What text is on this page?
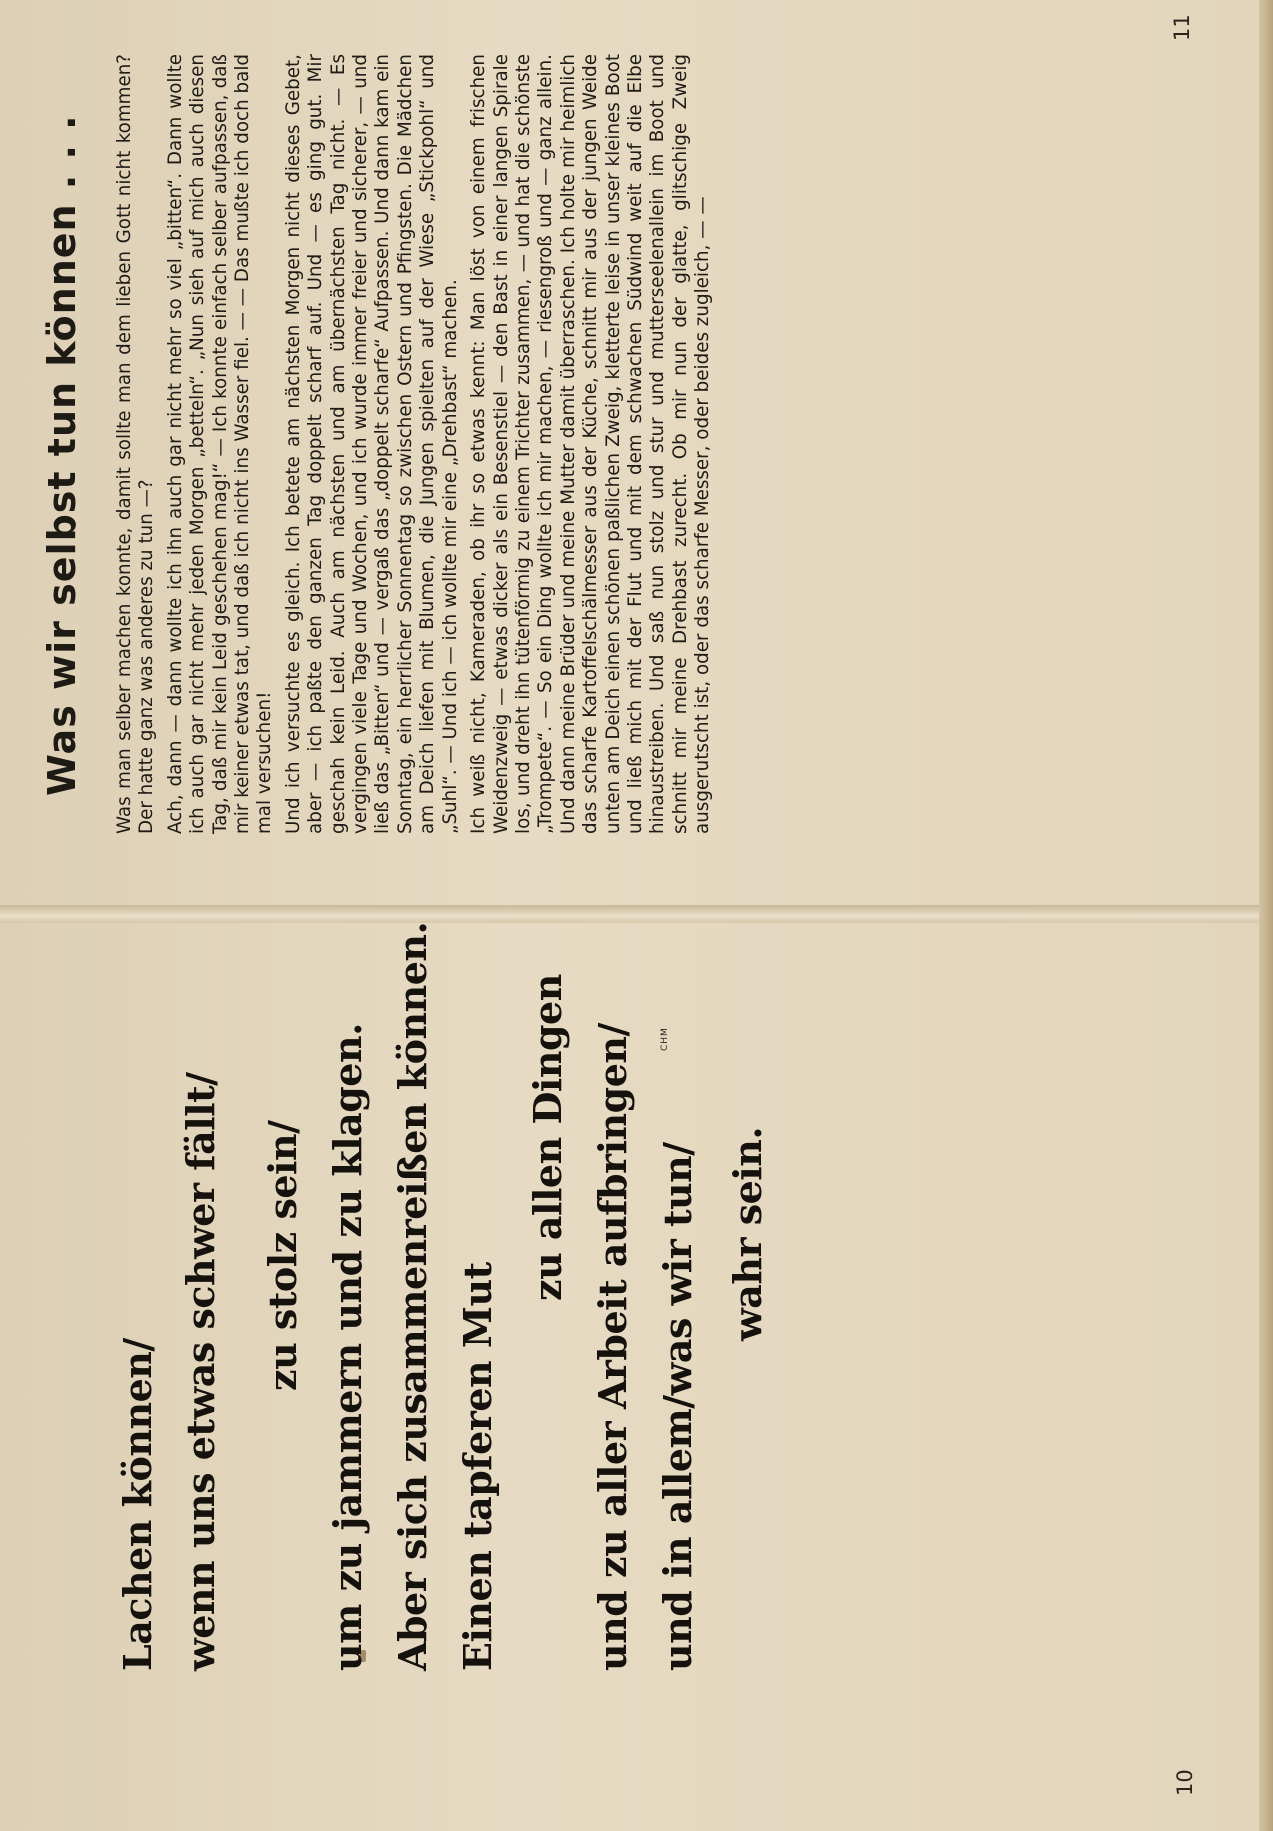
Was wir selbst tun können . . . Was man selber machen konnte, damit sollte man dem lieben Gott nicht kommen? Der hatte ganz was anderes zu tun —? Ach, dann — dann wollte ich ihn auch gar nicht mehr so viel „bitten“. Dann wollte ich auch gar nicht mehr jeden Morgen „betteln“. „Nun sieh auf mich auch diesen Tag, daß mir kein Leid geschehen mag!“ — Ich konnte einfach selber aufpassen, daß mir keiner etwas tat, und daß ich nicht ins Wasser fiel. — — Das mußte ich doch bald mal versuchen! Und ich versuchte es gleich. Ich betete am nächsten Morgen nicht dieses Gebet, aber — ich paßte den ganzen Tag doppelt scharf auf. Und — es ging gut. Mir geschah kein Leid. Auch am nächsten und am übernächsten Tag nicht. — Es vergingen viele Tage und Wochen, und ich wurde immer freier und sicherer, — und ließ das „Bitten“ und — vergaß das „doppelt scharfe“ Aufpassen. Und dann kam ein Sonntag, ein herrlicher Sonnentag so zwischen Ostern und Pfingsten. Die Mädchen am Deich liefen mit Blumen, die Jungen spielten auf der Wiese „Stickpohl“ und „Suhl“. — Und ich — ich wollte mir eine „Drehbast“ machen. Ich weiß nicht, Kameraden, ob ihr so etwas kennt: Man löst von einem frischen Weidenzweig — etwas dicker als ein Besenstiel — den Bast in einer langen Spirale los, und dreht ihn tütenförmig zu einem Trichter zusammen, — und hat die schönste „Trompete“. — So ein Ding wollte ich mir machen, — riesengroß und — ganz allein. Und dann meine Brüder und meine Mutter damit überraschen. Ich holte mir heimlich das scharfe Kartoffelschälmesser aus der Küche, schnitt mir aus der jungen Weide unten am Deich einen schönen paßlichen Zweig, kletterte leise in unser kleines Boot und ließ mich mit der Flut und mit dem schwachen Südwind weit auf die Elbe hinaustreiben. Und saß nun stolz und stur und mutterseelenallein im Boot und schnitt mir meine Drehbast zurecht. Ob mir nun der glatte, glitschige Zweig ausgerutscht ist, oder das scharfe Messer, oder beides zugleich, — —

11
10
Lachen können/ wenn uns etwas schwer fällt/ zu stolz sein/ um zu jammern und zu klagen. Aber sich zusammenreißen können. Einen tapferen Mut
zu allen Dingen und zu aller Arbeit aufbringen/ und in allem/was wir tun/ wahr sein.
CHM
